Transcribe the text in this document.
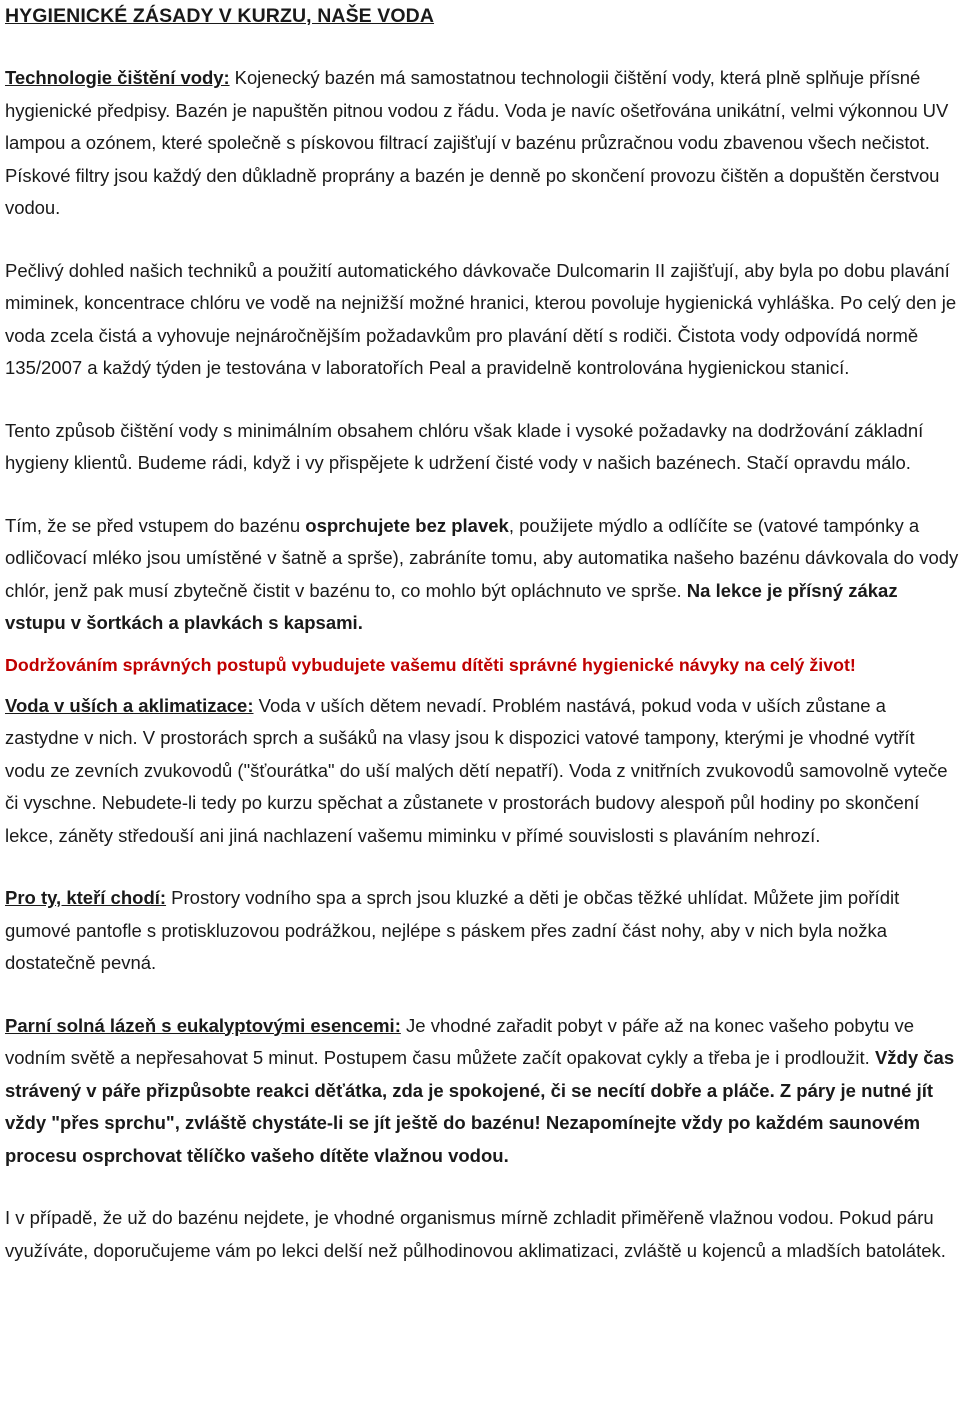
HYGIENICKÉ ZÁSADY V KURZU, NAŠE VODA

Technologie čištění vody: Kojenecký bazén má samostatnou technologii čištění vody, která plně splňuje přísné hygienické předpisy. Bazén je napuštěn pitnou vodou z řádu. Voda je navíc ošetřována unikátní, velmi výkonnou UV lampou a ozónem, které společně s pískovou filtrací zajišťují v bazénu průzračnou vodu zbavenou všech nečistot. Pískové filtry jsou každý den důkladně proprány a bazén je denně po skončení provozu čištěn a dopuštěn čerstvou vodou.

Pečlivý dohled našich techniků a použití automatického dávkovače Dulcomarin II zajišťují, aby byla po dobu plavání miminek, koncentrace chlóru ve vodě na nejnižší možné hranici, kterou povoluje hygienická vyhláška. Po celý den je voda zcela čistá a vyhovuje nejnáročnějším požadavkům pro plavání dětí s rodiči. Čistota vody odpovídá normě 135/2007 a každý týden je testována v laboratořích Peal a pravidelně kontrolována hygienickou stanicí.

Tento způsob čištění vody s minimálním obsahem chlóru však klade i vysoké požadavky na dodržování základní hygieny klientů. Budeme rádi, když i vy přispějete k udržení čisté vody v našich bazénech. Stačí opravdu málo.

Tím, že se před vstupem do bazénu osprchujete bez plavek, použijete mýdlo a odlíčíte se (vatové tampónky a odličovací mléko jsou umístěné v šatně a sprše), zabráníte tomu, aby automatika našeho bazénu dávkovala do vody chlór, jenž pak musí zbytečně čistit v bazénu to, co mohlo být opláchnuto ve sprše. Na lekce je přísný zákaz vstupu v šortkách a plavkách s kapsami.

Dodržováním správných postupů vybudujete vašemu dítěti správné hygienické návyky na celý život!

Voda v uších a aklimatizace: Voda v uších dětem nevadí. Problém nastává, pokud voda v uších zůstane a zastydne v nich. V prostorách sprch a sušáků na vlasy jsou k dispozici vatové tampony, kterými je vhodné vytřít vodu ze zevních zvukovodů ("šťourátka" do uší malých dětí nepatří). Voda z vnitřních zvukovodů samovolně vyteče či vyschne. Nebudete-li tedy po kurzu spěchat a zůstanete v prostorách budovy alespoň půl hodiny po skončení lekce, záněty středouší ani jiná nachlazení vašemu miminku v přímé souvislosti s plaváním nehrozí.

Pro ty, kteří chodí: Prostory vodního spa a sprch jsou kluzké a děti je občas těžké uhlídat. Můžete jim pořídit gumové pantofle s protiskluzovou podrážkou, nejlépe s páskem přes zadní část nohy, aby v nich byla nožka dostatečně pevná.

Parní solná lázeň s eukalyptovými esencemi: Je vhodné zařadit pobyt v páře až na konec vašeho pobytu ve vodním světě a nepřesahovat 5 minut. Postupem času můžete začít opakovat cykly a třeba je i prodloužit. Vždy čas strávený v páře přizpůsobte reakci děťátka, zda je spokojené, či se necítí dobře a pláče. Z páry je nutné jít vždy "přes sprchu", zvláště chystáte-li se jít ještě do bazénu! Nezapomínejte vždy po každém saunovém procesu osprchovat tělíčko vašeho dítěte vlažnou vodou.

I v případě, že už do bazénu nejdete, je vhodné organismus mírně zchladit přiměřeně vlažnou vodou. Pokud páru využíváte, doporučujeme vám po lekci delší než půlhodinovou aklimatizaci, zvláště u kojenců a mladších batolátek.
